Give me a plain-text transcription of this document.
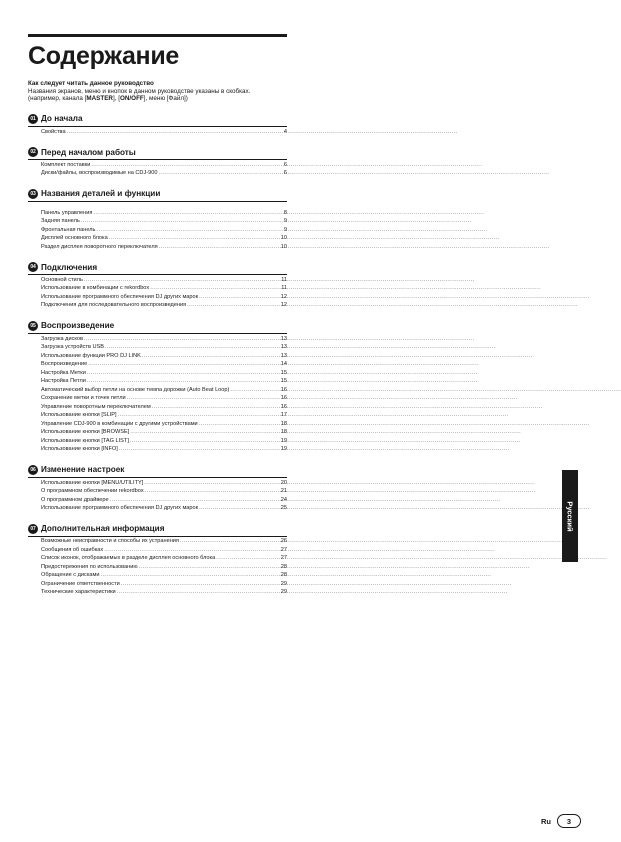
Содержание
Как следует читать данное руководство
Названия экранов, меню и кнопок в данном руководстве указаны в скобках.
(например, канала [MASTER], [ON/OFF], меню [Файл])
01 До начала
Свойства .....	4
02 Перед началом работы
Комплект поставки .....	6
Диски/файлы, воспроизводимые на CDJ-900 .....	6
03 Названия деталей и функции
Панель управления .....	8
Задняя панель .....	9
Фронтальная панель .....	9
Дисплей основного блока .....	10
Раздел дисплея поворотного переключателя .....	10
04 Подключения
Основной стиль .....	11
Использование в комбинации с rekordbox .....	11
Использование программного обеспечения DJ других марок .....	12
Подключения для последовательного воспроизведения .....	12
05 Воспроизведение
Загрузка дисков .....	13
Загрузка устройств USB .....	13
Использование функции PRO DJ LINK .....	13
Воспроизведение .....	14
Настройка Метки .....	15
Настройка Петли .....	15
Автоматический выбор петли на основе темпа дорожки (Auto Beat Loop) .....	16
Сохранение метки и точек петли .....	16
Управление поворотным переключателем .....	16
Использование кнопки [SLIP] .....	17
Управление CDJ-900 в комбинации с другими устройствами .....	18
Использование кнопки [BROWSE] .....	18
Использование кнопки [TAG LIST] .....	19
Использование кнопки [INFO] .....	19
06 Изменение настроек
Использование кнопки [MENU/UTILITY] .....	20
О программном обеспечении rekordbox .....	21
О программном драйвере .....	24
Использование программного обеспечения DJ других марок .....	25
07 Дополнительная информация
Возможные неисправности и способы их устранения .....	26
Сообщения об ошибках .....	27
Список иконок, отображаемых в разделе дисплея основного блока .....	27
Предостережения по использованию .....	28
Обращение с дисками .....	28
Ограничение ответственности .....	29
Технические характеристики .....	29
Русский
Ru	3
